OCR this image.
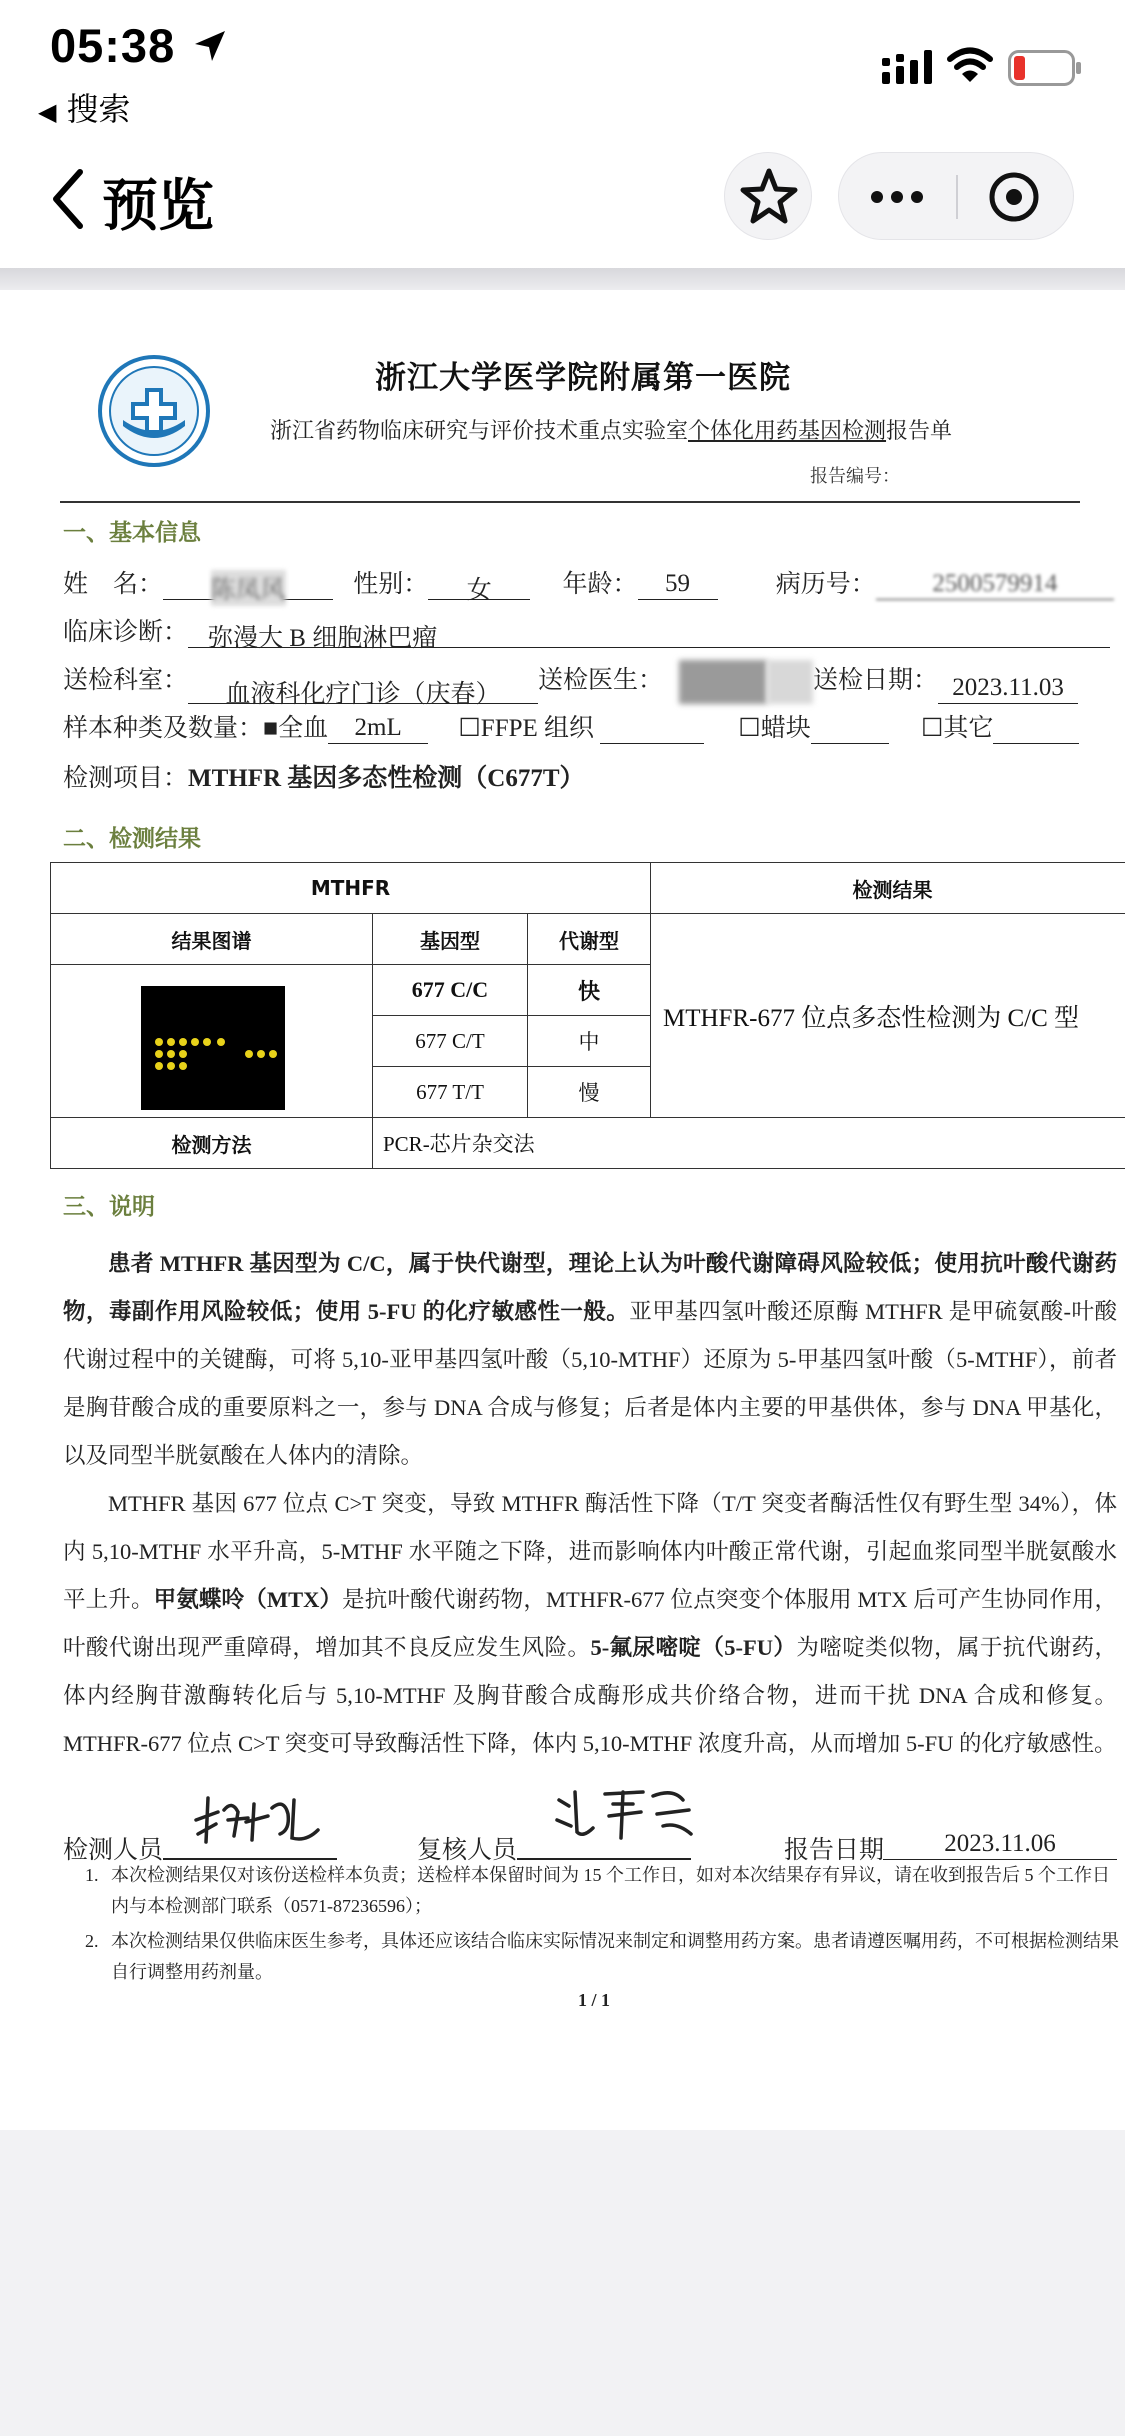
05:38
◀ 搜索
预览
浙江大学医学院附属第一医院
浙江省药物临床研究与评价技术重点实验室个体化用药基因检测报告单
报告编号：
一、基本信息
姓　名： 陈凤风	性别： 女	年龄： 59	病历号： 2500579914
临床诊断： 弥漫大 B 细胞淋巴瘤
送检科室：血液科化疗门诊（庆春）送检医生：	送检日期： 2023.11.03
样本种类及数量：■全血 2mL ☐FFPE 组织	☐蜡块	☐其它
检测项目：MTHFR 基因多态性检测（C677T）
二、检测结果
MTHFR			检测结果
结果图谱	基因型	代谢型	MTHFR-677 位点多态性检测为 C/C 型

	677 C/C	快	
	677 C/T	中	
	677 T/T	慢	
检测方法	PCR-芯片杂交法		
三、说明
患者 MTHFR 基因型为 C/C，属于快代谢型，理论上认为叶酸代谢障碍风险较低；使用抗叶酸代谢药物，毒副作用风险较低；使用 5-FU 的化疗敏感性一般。亚甲基四氢叶酸还原酶 MTHFR 是甲硫氨酸-叶酸代谢过程中的关键酶，可将 5,10-亚甲基四氢叶酸（5,10-MTHF）还原为 5-甲基四氢叶酸（5-MTHF），前者是胸苷酸合成的重要原料之一，参与 DNA 合成与修复；后者是体内主要的甲基供体，参与 DNA 甲基化，以及同型半胱氨酸在人体内的清除。
MTHFR 基因 677 位点 C>T 突变，导致 MTHFR 酶活性下降（T/T 突变者酶活性仅有野生型 34%），体内 5,10-MTHF 水平升高，5-MTHF 水平随之下降，进而影响体内叶酸正常代谢，引起血浆同型半胱氨酸水平上升。甲氨蝶呤（MTX）是抗叶酸代谢药物，MTHFR-677 位点突变个体服用 MTX 后可产生协同作用，叶酸代谢出现严重障碍，增加其不良反应发生风险。5-氟尿嘧啶（5-FU）为嘧啶类似物，属于抗代谢药，体内经胸苷激酶转化后与 5,10-MTHF 及胸苷酸合成酶形成共价络合物，进而干扰 DNA 合成和修复。MTHFR-677 位点 C>T 突变可导致酶活性下降，体内 5,10-MTHF 浓度升高，从而增加 5-FU 的化疗敏感性。
检测人员	复核人员	报告日期	2023.11.06
1. 本次检测结果仅对该份送检样本负责；送检样本保留时间为 15 个工作日，如对本次结果存有异议，请在收到报告后 5 个工作日内与本检测部门联系（0571-87236596）；
2. 本次检测结果仅供临床医生参考，具体还应该结合临床实际情况来制定和调整用药方案。患者请遵医嘱用药，不可根据检测结果自行调整用药剂量。
1 / 1
